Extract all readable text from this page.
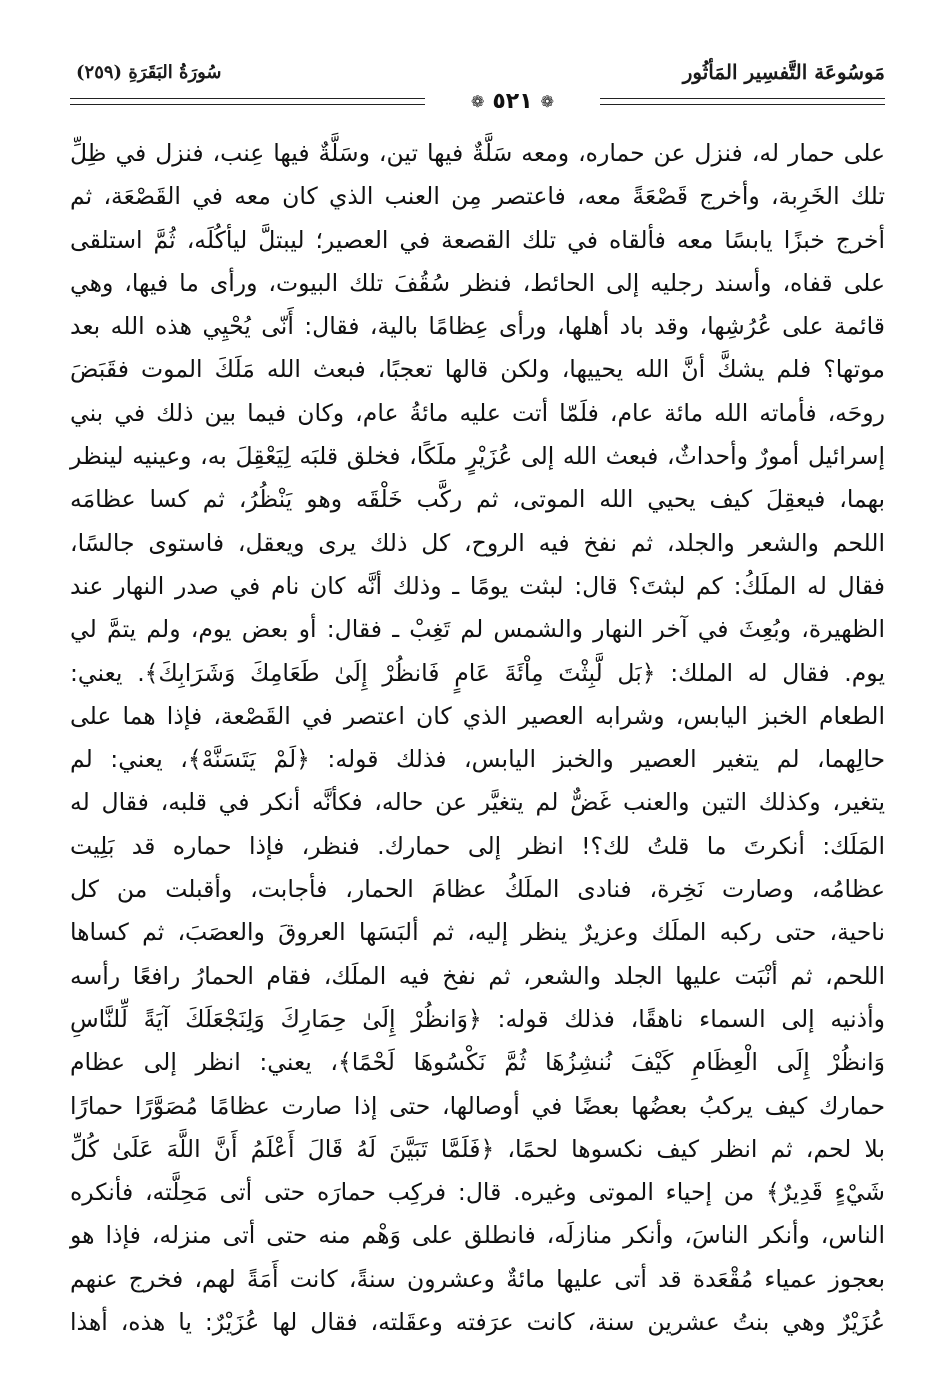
مَوسُوعَة التَّفسِير المَأثُور
سُورَةُ البَقَرَةِ (٢٥٩)
❁
٥٢١
❁
على حمار له، فنزل عن حماره، ومعه سَلَّةٌ فيها تين، وسَلَّةٌ فيها عِنب، فنزل في ظِلِّ
تلك الخَرِبة، وأخرج قَصْعَةً معه، فاعتصر مِن العنب الذي كان معه في القَصْعَة، ثم
أخرج خبزًا يابسًا معه فألقاه في تلك القصعة في العصير؛ ليبتلَّ ليأكُلَه، ثُمَّ استلقى
على قفاه، وأسند رجليه إلى الحائط، فنظر سُقُفَ تلك البيوت، ورأى ما فيها، وهي
قائمة على عُرُشِها، وقد باد أهلها، ورأى عِظامًا بالية، فقال: أَنّى يُحْيِي هذه الله بعد
موتها؟ فلم يشكَّ أنَّ الله يحييها، ولكن قالها تعجبًا، فبعث الله مَلَكَ الموت فقَبَضَ
روحَه، فأماته الله مائة عام، فلَمّا أتت عليه مائةُ عام، وكان فيما بين ذلك في بني
إسرائيل أمورٌ وأحداثٌ، فبعث الله إلى عُزَيْرٍ ملَكًا، فخلق قلبَه لِيَعْقِلَ به، وعينيه لينظر
بهما، فيعقِلَ كيف يحيي الله الموتى، ثم ركَّب خَلْقَه وهو يَنْظُرُ، ثم كسا عظامَه
اللحم والشعر والجلد، ثم نفخ فيه الروح، كل ذلك يرى ويعقل، فاستوى جالسًا،
فقال له الملَكُ: كم لبثتَ؟ قال: لبثت يومًا ـ وذلك أنَّه كان نام في صدر النهار عند
الظهيرة، وبُعِثَ في آخر النهار والشمس لم تَغِبْ ـ فقال: أو بعض يوم، ولم يتمَّ لي
يوم. فقال له الملك: ﴿بَل لَّبِثْتَ مِاْئَةَ عَامٍ فَانظُرْ إِلَىٰ طَعَامِكَ وَشَرَابِكَ﴾. يعني:
الطعام الخبز اليابس، وشرابه العصير الذي كان اعتصر في القَصْعة، فإذا هما على
حالِهما، لم يتغير العصير والخبز اليابس، فذلك قوله: ﴿لَمْ يَتَسَنَّهْ﴾، يعني: لم
يتغير، وكذلك التين والعنب غَضٌّ لم يتغيَّر عن حاله، فكأنَّه أنكر في قلبه، فقال له
المَلَك: أنكرتَ ما قلتُ لك؟! انظر إلى حمارك. فنظر، فإذا حماره قد بَلِيت
عظامُه، وصارت نَخِرة، فنادى الملَكُ عظامَ الحمار، فأجابت، وأقبلت من كل
ناحية، حتى ركبه الملَك وعزيرٌ ينظر إليه، ثم ألبَسَها العروقَ والعصَبَ، ثم كساها
اللحم، ثم أنْبَت عليها الجلد والشعر، ثم نفخ فيه الملَك، فقام الحمارُ رافعًا رأسه
وأذنيه إلى السماء ناهقًا، فذلك قوله: ﴿وَانظُرْ إِلَىٰ حِمَارِكَ وَلِنَجْعَلَكَ آيَةً لِّلنَّاسِ
وَانظُرْ إِلَى الْعِظَامِ كَيْفَ نُنشِزُهَا ثُمَّ نَكْسُوهَا لَحْمًا﴾، يعني: انظر إلى عظام
حمارك كيف يركبُ بعضُها بعضًا في أوصالها، حتى إذا صارت عظامًا مُصَوَّرًا حمارًا
بلا لحم، ثم انظر كيف نكسوها لحمًا، ﴿فَلَمَّا تَبَيَّنَ لَهُ قَالَ أَعْلَمُ أَنَّ اللَّهَ عَلَىٰ كُلِّ
شَيْءٍ قَدِيرٌ﴾ من إحياء الموتى وغيره. قال: فركِب حمارَه حتى أتى مَحِلَّته، فأنكره
الناس، وأنكر الناسَ، وأنكر منازلَه، فانطلق على وَهْم منه حتى أتى منزله، فإذا هو
بعجوز عمياء مُقْعَدة قد أتى عليها مائةٌ وعشرون سنةً، كانت أَمَةً لهم، فخرج عنهم
عُزَيْرٌ وهي بنتُ عشرين سنة، كانت عرَفته وعقَلته، فقال لها عُزَيْرٌ: يا هذه، أهذا
